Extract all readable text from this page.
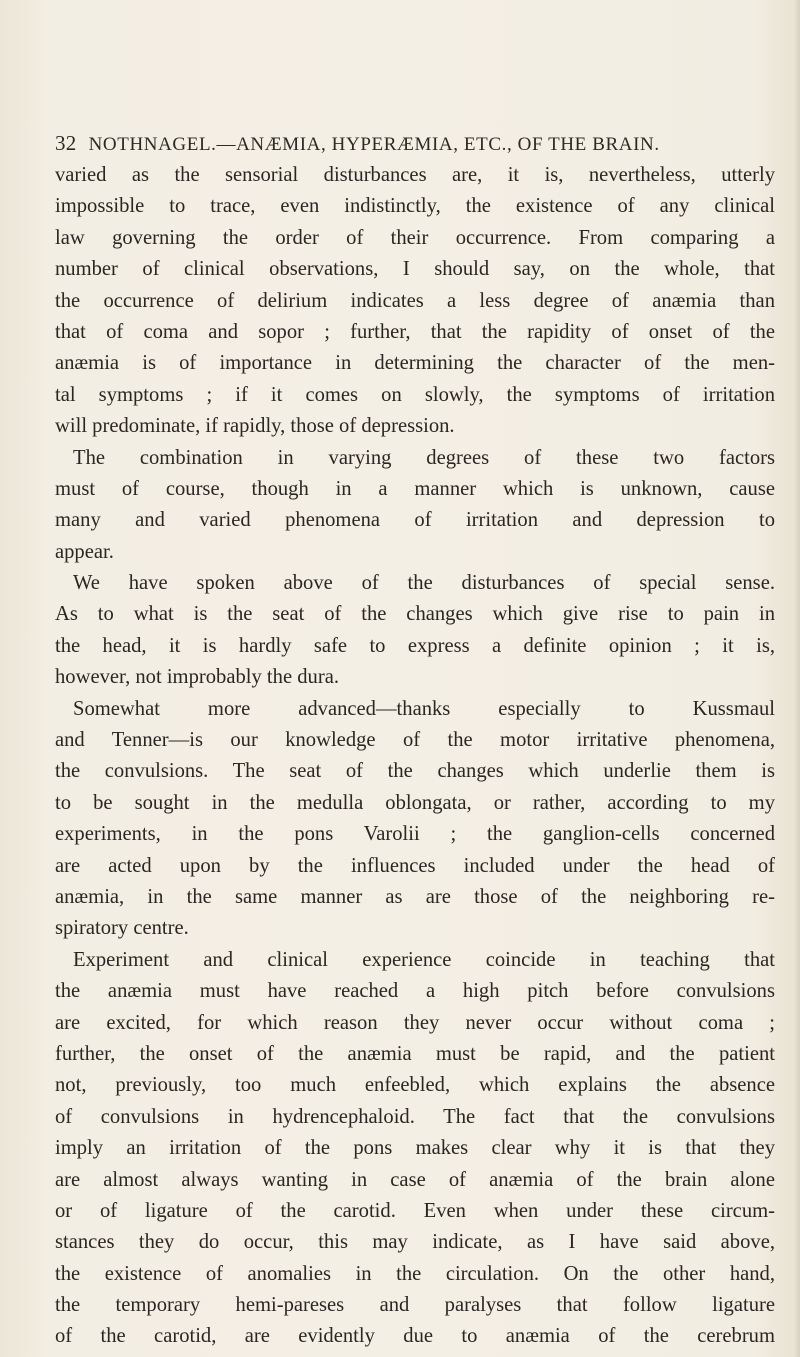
32 NOTHNAGEL.—ANÆMIA, HYPERÆMIA, ETC., OF THE BRAIN.
varied as the sensorial disturbances are, it is, nevertheless, utterly
impossible to trace, even indistinctly, the existence of any clinical
law governing the order of their occurrence. From comparing a
number of clinical observations, I should say, on the whole, that
the occurrence of delirium indicates a less degree of anæmia than
that of coma and sopor ; further, that the rapidity of onset of the
anæmia is of importance in determining the character of the men-
tal symptoms ; if it comes on slowly, the symptoms of irritation
will predominate, if rapidly, those of depression.
The combination in varying degrees of these two factors
must of course, though in a manner which is unknown, cause
many and varied phenomena of irritation and depression to
appear.
We have spoken above of the disturbances of special sense.
As to what is the seat of the changes which give rise to pain in
the head, it is hardly safe to express a definite opinion ; it is,
however, not improbably the dura.
Somewhat more advanced—thanks especially to Kussmaul
and Tenner—is our knowledge of the motor irritative phenomena,
the convulsions. The seat of the changes which underlie them is
to be sought in the medulla oblongata, or rather, according to my
experiments, in the pons Varolii ; the ganglion-cells concerned
are acted upon by the influences included under the head of
anæmia, in the same manner as are those of the neighboring re-
spiratory centre.
Experiment and clinical experience coincide in teaching that
the anæmia must have reached a high pitch before convulsions
are excited, for which reason they never occur without coma ;
further, the onset of the anæmia must be rapid, and the patient
not, previously, too much enfeebled, which explains the absence
of convulsions in hydrencephaloid. The fact that the convulsions
imply an irritation of the pons makes clear why it is that they
are almost always wanting in case of anæmia of the brain alone
or of ligature of the carotid. Even when under these circum-
stances they do occur, this may indicate, as I have said above,
the existence of anomalies in the circulation. On the other hand,
the temporary hemi-pareses and paralyses that follow ligature
of the carotid, are evidently due to anæmia of the cerebrum
